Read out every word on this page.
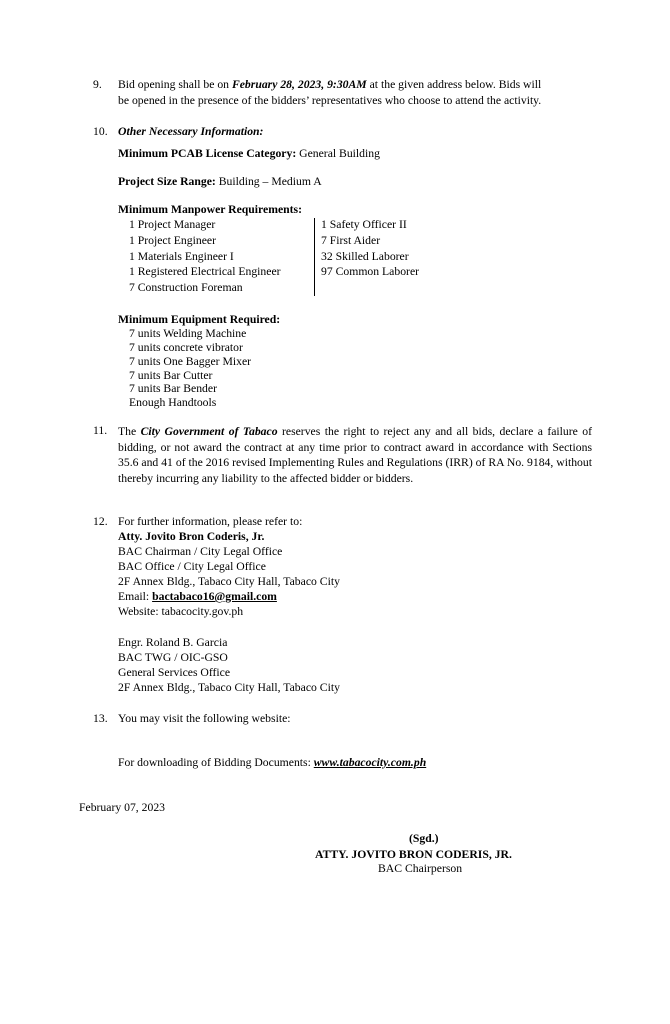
9. Bid opening shall be on February 28, 2023, 9:30AM at the given address below. Bids will
be opened in the presence of the bidders’ representatives who choose to attend the activity.
10. Other Necessary Information:
Minimum PCAB License Category: General Building
Project Size Range: Building – Medium A
Minimum Manpower Requirements:
1 Project Manager
1 Project Engineer
1 Materials Engineer I
1 Registered Electrical Engineer
7 Construction Foreman
1 Safety Officer II
7 First Aider
32 Skilled Laborer
97 Common Laborer
Minimum Equipment Required:
7 units Welding Machine
7 units concrete vibrator
7 units One Bagger Mixer
7 units Bar Cutter
7 units Bar Bender
Enough Handtools
11. The City Government of Tabaco reserves the right to reject any and all bids, declare a failure of bidding, or not award the contract at any time prior to contract award in accordance with Sections 35.6 and 41 of the 2016 revised Implementing Rules and Regulations (IRR) of RA No. 9184, without thereby incurring any liability to the affected bidder or bidders.
12. For further information, please refer to:
Atty. Jovito Bron Coderis, Jr.
BAC Chairman / City Legal Office
BAC Office / City Legal Office
2F Annex Bldg., Tabaco City Hall, Tabaco City
Email: bactabaco16@gmail.com
Website: tabacocity.gov.ph
Engr. Roland B. Garcia
BAC TWG / OIC-GSO
General Services Office
2F Annex Bldg., Tabaco City Hall, Tabaco City
13. You may visit the following website:
For downloading of Bidding Documents: www.tabacocity.com.ph
February 07, 2023
(Sgd.)
ATTY. JOVITO BRON CODERIS, JR.
BAC Chairperson
